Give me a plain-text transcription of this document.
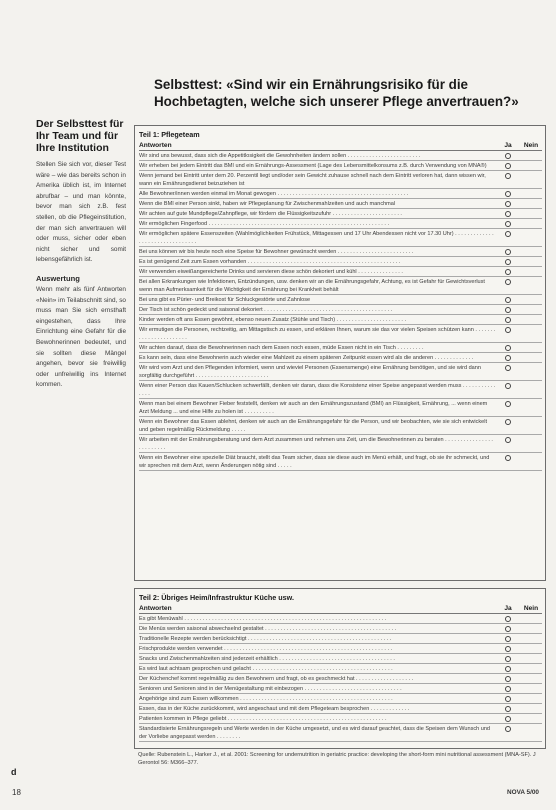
Selbsttest: «Sind wir ein Ernährungsrisiko für die Hochbetagten, welche sich unserer Pflege anvertrauen?»
Der Selbsttest für Ihr Team und für Ihre Institution
Stellen Sie sich vor, dieser Test wäre – wie das bereits schon in Amerika üblich ist, im Internet abrufbar – und man könnte, bevor man sich z.B. fest stellen, ob die Pflegeinstitution, der man sich anvertrauen will oder muss, sicher oder eben nicht sicher und somit lebensgefährlich ist.
Auswertung
Wenn mehr als fünf Antworten «Nein» im Teilabschnitt sind, so muss man Sie sich ernsthaft eingestehen, dass Ihre Einrichtung eine Gefahr für die Bewohnerinnen bedeutet, und sie sollten diese Mängel angehen, bevor sie freiwillig oder unfreiwillig ins Internet kommen.
Teil 1: Pflegeteam
Antworten	Ja	Nein
Wir sind uns bewusst, dass sich die Appetitlosigkeit die Gewohnheiten ändern sollen . . . . . . . . . . . . . . . . . . . . . . . .
Wir erheben bei jedem Eintritt das BMI und ein Ernährungs-Assessment (Lage des Lebensmittelkonsums z.B. durch Verwendung von MNA®)
Wenn jemand bei Eintritt unter dem 20. Perzentil liegt und/oder sein Gewicht zuhause schnell nach dem Eintritt verloren hat, dann wissen wir, wann ein Ernährungsdienst beizuziehen ist
Alle Bewohner/innen werden einmal im Monat gewogen . . . . . . . . . . . . . . . . . . . . . . . . . . . . . . . . . . . . . . . . . . .
Wenn die BMI einer Person sinkt, haben wir Pflegeplanung für Zwischenmahlzeiten und auch manchmal
Wir achten auf gute Mundpflege/Zahnpflege, wir fördern die Flüssigkeitszufuhr . . . . . . . . . . . . . . . . . . . . . . .
Wir ermöglichen Fingerfood . . . . . . . . . . . . . . . . . . . . . . . . . . . . . . . . . . . . . . . . . . . . . . . . . . . . . . . . . . .
Wir ermöglichen spätere Essenszeiten (Wahlmöglichkeiten Frühstück, Mittagessen und 17 Uhr Abendessen nicht vor 17.30 Uhr) . . . . . . . . . . . . . . . . . . . . . . . . . . . . . . . .
Bei uns können wir bis heute noch eine Speise für Bewohner gewünscht werden . . . . . . . . . . . . . . . . . . . . . . . . .
Es ist genügend Zeit zum Essen vorhanden . . . . . . . . . . . . . . . . . . . . . . . . . . . . . . . . . . . . . . . . . . . . . . . . . .
Wir verwenden eiweißangereicherte Drinks und servieren diese schön dekoriert und kühl . . . . . . . . . . . . . . .
Bei allen Erkrankungen wie Infektionen, Entzündungen, usw. denken wir an die Ernährungsgefahr, Achtung, es ist Gefahr für Gewichtsverlust wenn man Aufmerksamkeit für die Wichtigkeit der Ernährung bei Krankheit behält
Bei uns gibt es Pürier- und Breikost für Schluckgestörte und Zahnlose
Der Tisch ist schön gedeckt und saisonal dekoriert . . . . . . . . . . . . . . . . . . . . . . . . . . . . . . . . . . . . . . . . . .
Kinder werden oft ans Essen gewöhnt, ebenso neuen Zusatz (Stühle und Tisch) . . . . . . . . . . . . . . . . . . . . . . .
Wir ermutigen die Personen, rechtzeitig, am Mittagstisch zu essen, und erklären Ihnen, warum sie das vor vielen Speisen schützen kann . . . . . . . . . . . . . . . . . . . . . . .
Wir achten darauf, dass die Bewohnerinnen nach dem Essen noch essen, müde Essen nicht in ein Tisch . . . . . . . . .
Es kann sein, dass eine Bewohnerin auch wieder eine Mahlzeit zu einem späteren Zeitpunkt essen wird als die anderen . . . . . . . . . . . . .
Wir wird vom Arzt und den Pflegenden informiert, wenn und wieviel Personen (Essensmenge) eine Ernährung benötigen, und sie wird dann sorgfältig durchgeführt . . . . . . . . . . . . . . . . . . . . . . . .
Wenn einer Person das Kauen/Schlucken schwerfällt, denken wir daran, dass die Konsistenz einer Speise angepasst werden muss . . . . . . . . . . . . . . .
Wenn man bei einem Bewohner Fieber feststellt, denken wir auch an den Ernährungszustand (BMI) an Flüssigkeit, Ernährung, ... wenn einem Arzt Meldung ... und eine Hilfe zu holen ist . . . . . . . . . .
Wenn ein Bewohner das Essen ablehnt, denken wir auch an die Ernährungsgefahr für die Person, und wir beobachten, wie sie sich entwickelt und geben regelmäßig Rückmeldung . . . . .
Wir arbeiten mit der Ernährungsberatung und dem Arzt zusammen und nehmen uns Zeit, um die Bewohnerinnen zu beraten . . . . . . . . . . . . . . . . . . . . . . . . .
Wenn ein Bewohner eine spezielle Diät braucht, stellt das Team sicher, dass sie diese auch im Menü erhält, und fragt, ob sie ihr schmeckt, und wir sprechen mit dem Arzt, wenn Änderungen nötig sind . . . . .
Teil 2: Übriges Heim/Infrastruktur Küche usw.
Antworten	Ja	Nein
Es gibt Menüwahl . . . . . . . . . . . . . . . . . . . . . . . . . . . . . . . . . . . . . . . . . . . . . . . . . . . . . . . . . . . . . . . . . .
Die Menüs werden saisonal abwechselnd gestaltet . . . . . . . . . . . . . . . . . . . . . . . . . . . . . . . . . . . . . . . . . . .
Traditionelle Rezepte werden berücksichtigt . . . . . . . . . . . . . . . . . . . . . . . . . . . . . . . . . . . . . . . . . . . . . . .
Frischprodukte werden verwendet . . . . . . . . . . . . . . . . . . . . . . . . . . . . . . . . . . . . . . . . . . . . . . . . . . . . . . .
Snacks und Zwischenmahlzeiten sind jederzeit erhältlich . . . . . . . . . . . . . . . . . . . . . . . . . . . . . . . . . . . . . .
Es wird laut achtsam gesprochen und gelacht . . . . . . . . . . . . . . . . . . . . . . . . . . . . . . . . . . . . . . . . . . . . . .
Der Küchenchef kommt regelmäßig zu den Bewohnern und fragt, ob es geschmeckt hat . . . . . . . . . . . . . . . . . . .
Senioren und Senioren sind in der Menügestaltung mit einbezogen . . . . . . . . . . . . . . . . . . . . . . . . . . . . . . . .
Angehörige sind zum Essen willkommen . . . . . . . . . . . . . . . . . . . . . . . . . . . . . . . . . . . . . . . . . . . . . . . . . .
Essen, das in der Küche zurückkommt, wird angeschaut und mit dem Pflegeteam besprochen . . . . . . . . . . . . .
Patienten kommen in Pflege geliebt . . . . . . . . . . . . . . . . . . . . . . . . . . . . . . . . . . . . . . . . . . . . . . . . . . . .
Standardisierte Ernährungsregeln und Werte werden in der Küche umgesetzt, und es wird darauf geachtet, dass die Speisen dem Wunsch und der Vorliebe angepasst werden . . . . . . . .
Quelle: Rubenstein L., Harker J., et al. 2001: Screening for undernutrition in geriatric practice: developing the short-form mini nutritional assessment (MNA-SF). J Gerontol 56: M366–377.
d
18	NOVA 5/00
